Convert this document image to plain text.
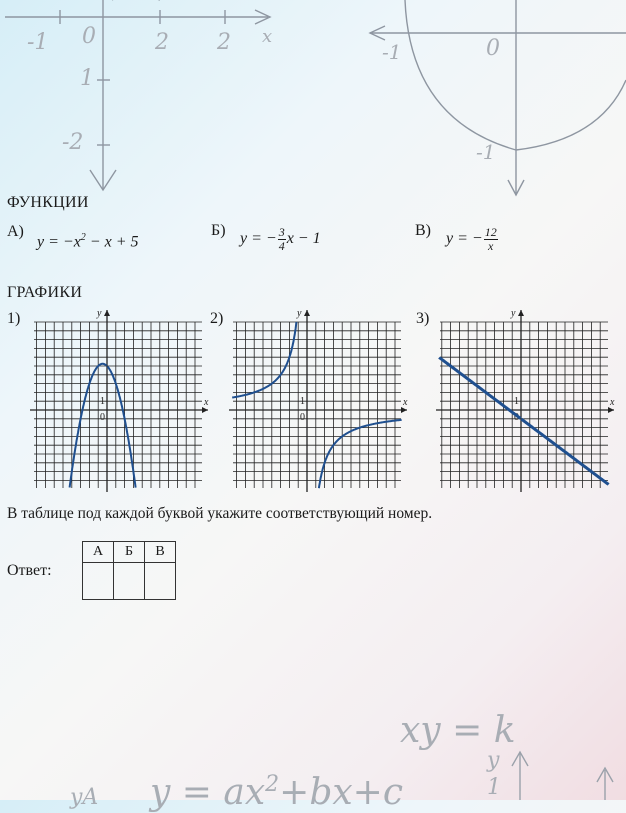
-1 0	2 2 x
1
-2
-1	0
-1
ФУНКЦИИ
А)
$y = -x^2 - x + 5$
Б) y = − $\frac{3}{4}$ x − 1	В) y = − $\frac{12}{x}$
ГРАФИКИ
1)	2)	3)
x
y
0
1	x
y
0
1	x
y
0
1
В таблице под каждой буквой укажите соответствующий номер.
Ответ:
А	Б	В

xy = k
$y = ax^2+bx+c$
y
1
yA
